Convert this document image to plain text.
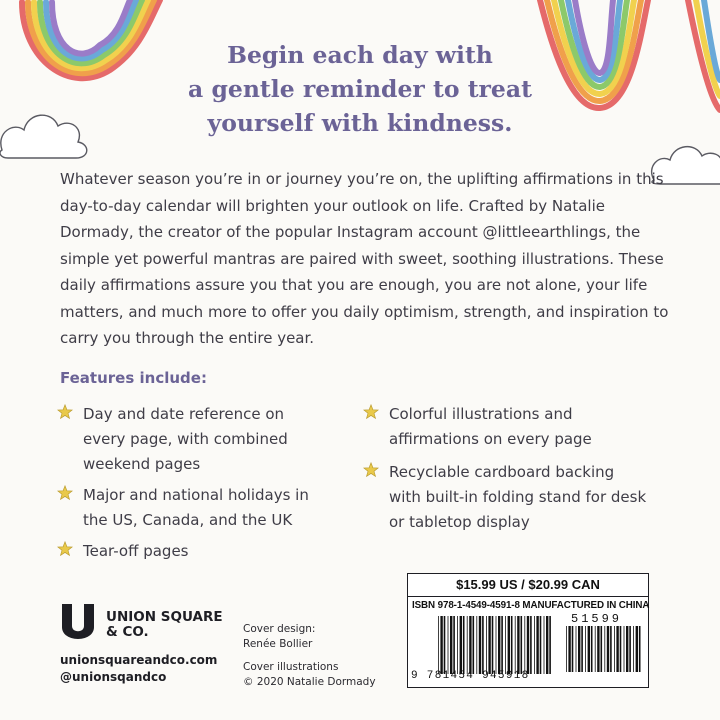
Begin each day with
a gentle reminder to treat
yourself with kindness.

Whatever season you’re in or journey you’re on, the uplifting affirmations in this day-to-day calendar will brighten your outlook on life. Crafted by Natalie Dormady, the creator of the popular Instagram account @littleearthlings, the simple yet powerful mantras are paired with sweet, soothing illustrations. These daily affirmations assure you that you are enough, you are not alone, your life matters, and much more to offer you daily optimism, strength, and inspiration to carry you through the entire year.

Features include:
Day and date reference on
every page, with combined
weekend pages
Major and national holidays in
the US, Canada, and the UK
Tear-off pages
Colorful illustrations and
affirmations on every page
Recyclable cardboard backing
with built-in folding stand for desk
or tabletop display
UNION SQUARE
& CO.
unionsquareandco.com
@unionsqandco
Cover design:
Renée Bollier
Cover illustrations
© 2020 Natalie Dormady
$15.99 US / $20.99 CAN
ISBN 978-1-4549-4591-8 MANUFACTURED IN CHINA
51599
9 781454 945918
